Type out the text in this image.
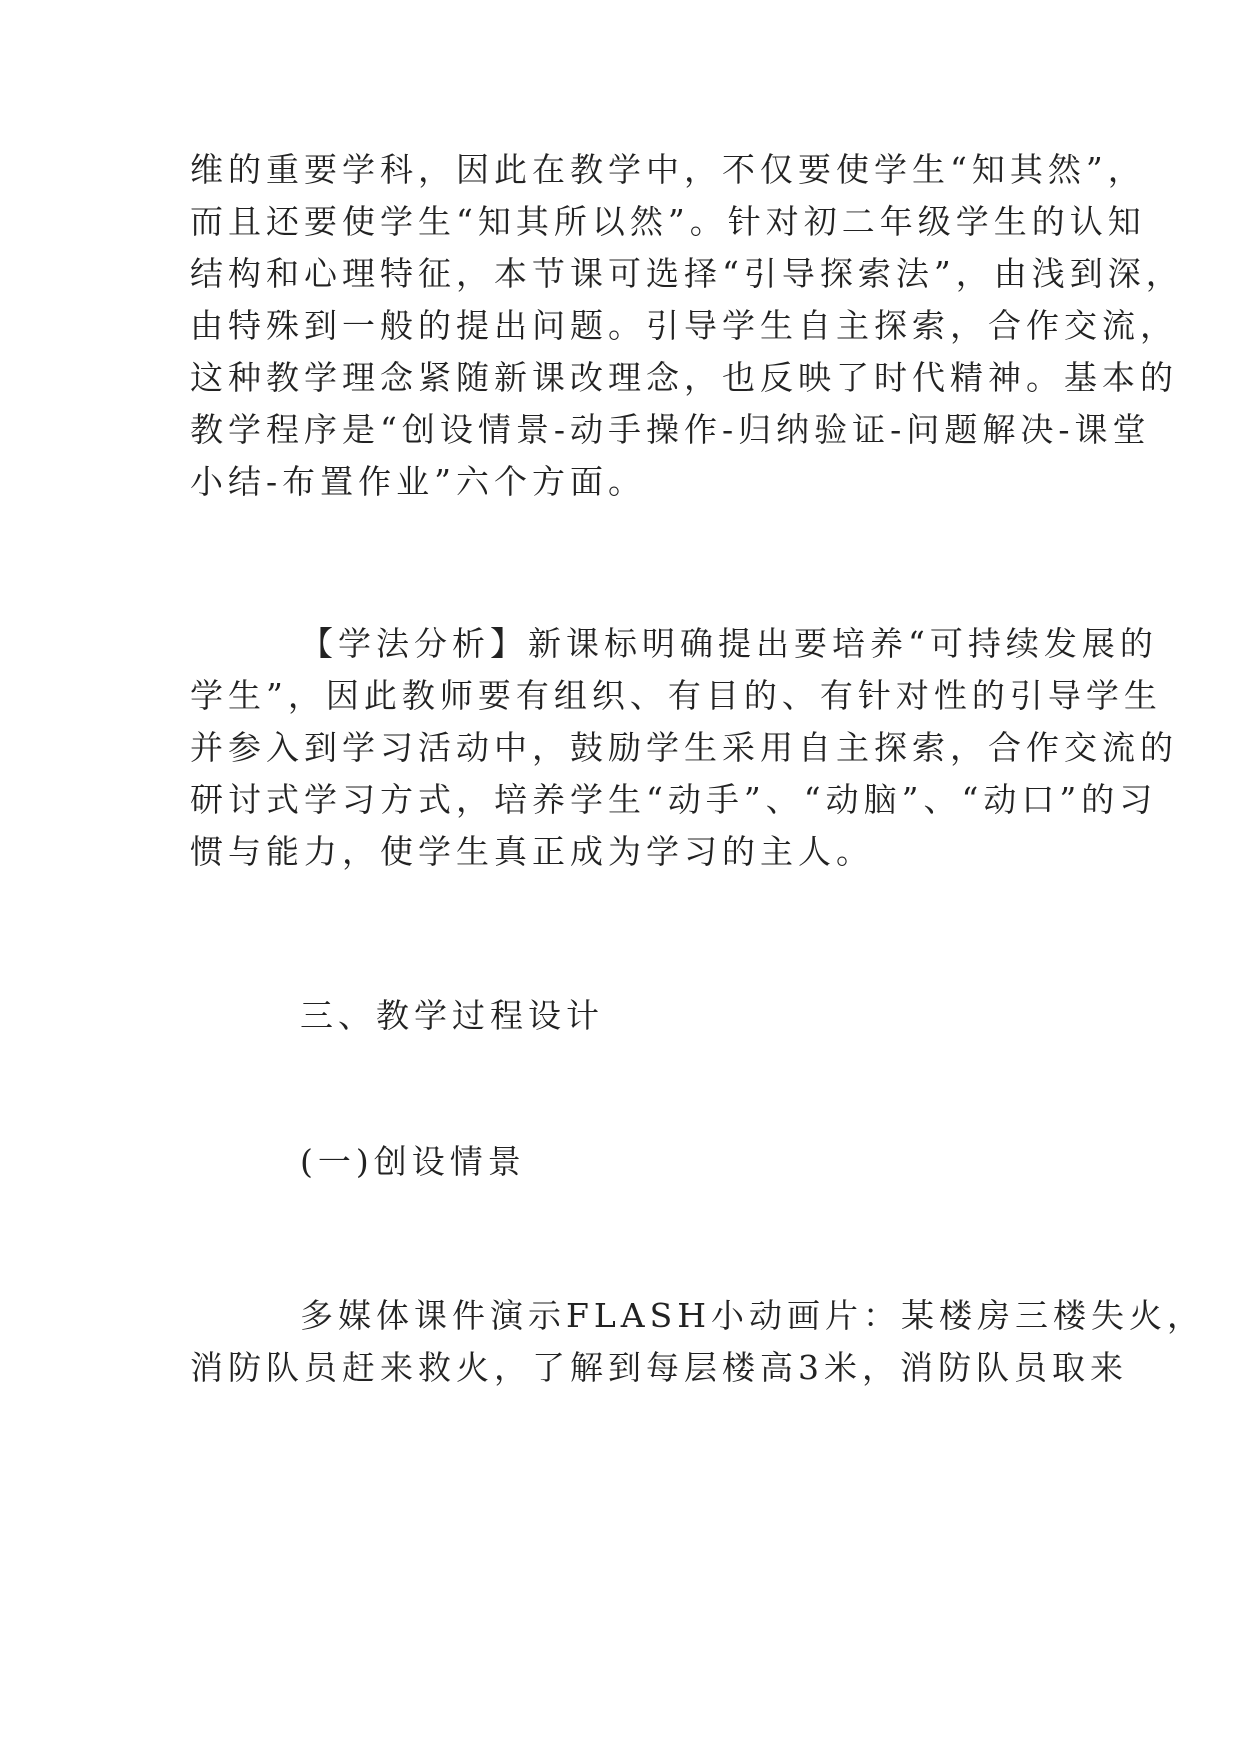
维的重要学科，因此在教学中，不仅要使学生“知其然”，
而且还要使学生“知其所以然”。针对初二年级学生的认知
结构和心理特征，本节课可选择“引导探索法”，由浅到深，
由特殊到一般的提出问题。引导学生自主探索，合作交流，
这种教学理念紧随新课改理念，也反映了时代精神。基本的
教学程序是“创设情景-动手操作-归纳验证-问题解决-课堂
小结-布置作业”六个方面。
【学法分析】新课标明确提出要培养“可持续发展的
学生”，因此教师要有组织、有目的、有针对性的引导学生
并参入到学习活动中，鼓励学生采用自主探索，合作交流的
研讨式学习方式，培养学生“动手”、“动脑”、“动口”的习
惯与能力，使学生真正成为学习的主人。
三、教学过程设计
(一)创设情景
多媒体课件演示FLASH小动画片：某楼房三楼失火，
消防队员赶来救火，了解到每层楼高3米，消防队员取来
